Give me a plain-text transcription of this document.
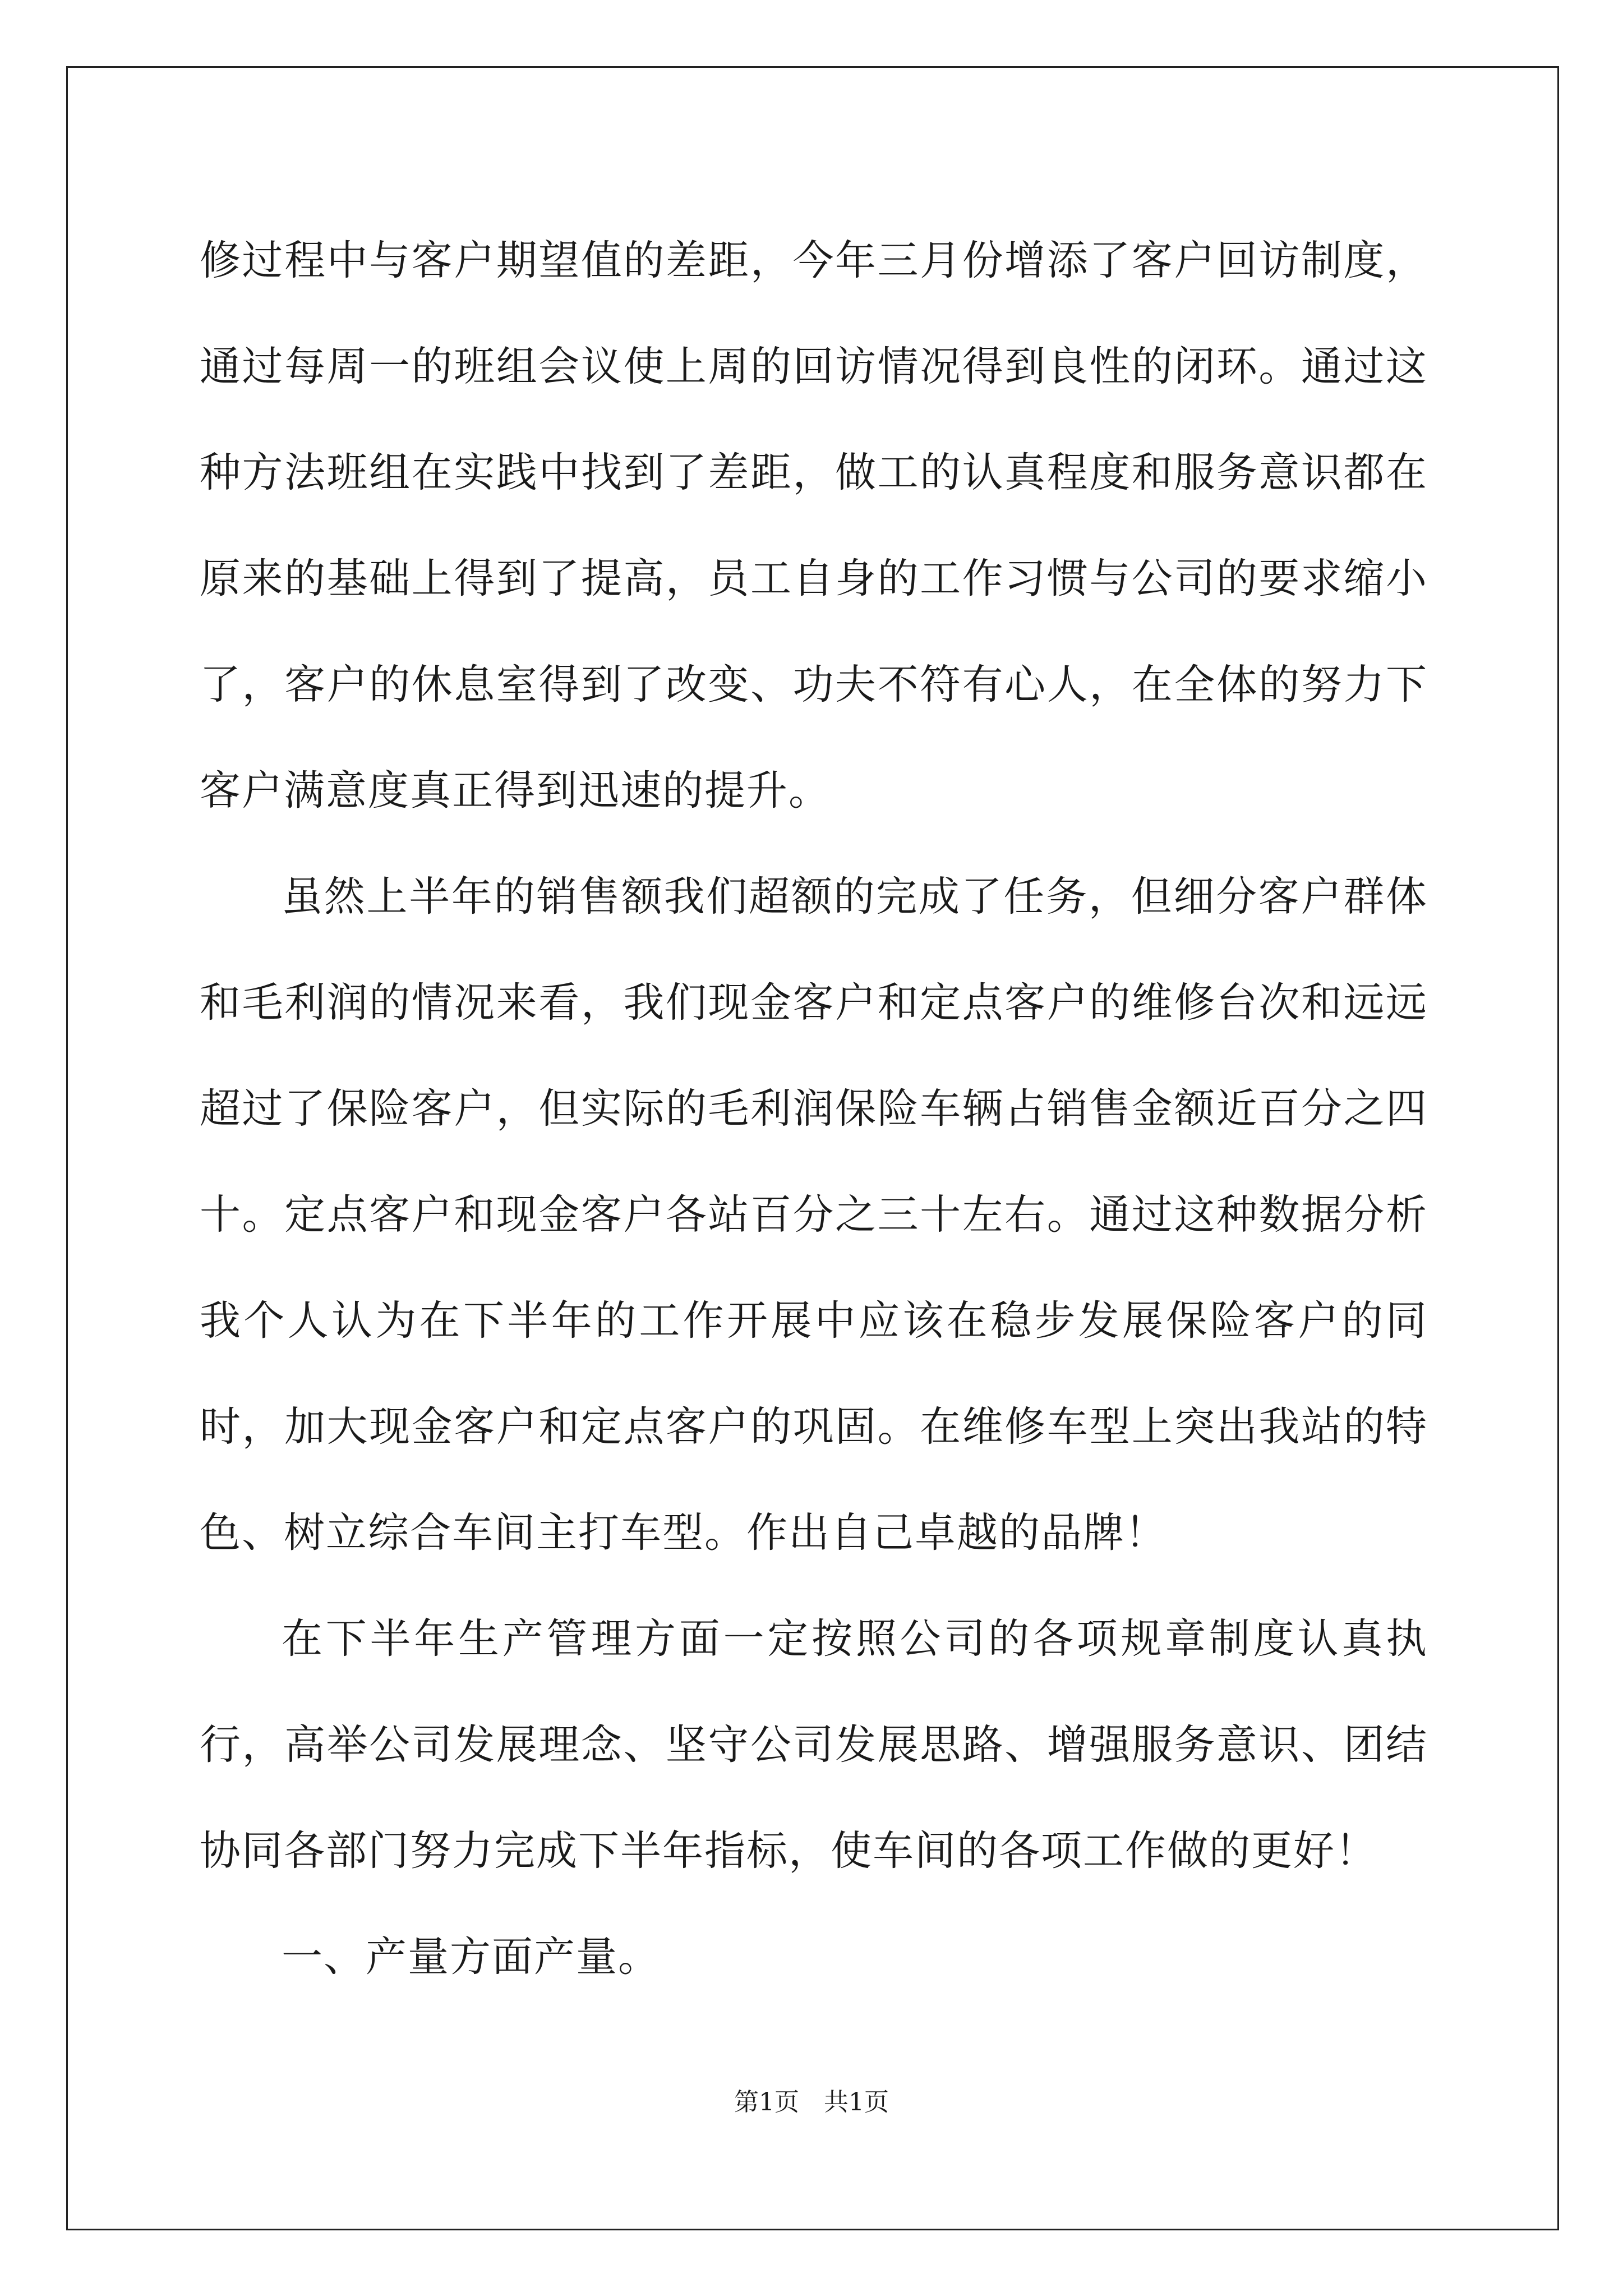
修过程中与客户期望值的差距，今年三月份增添了客户回访制度，通过每周一的班组会议使上周的回访情况得到良性的闭环。通过这种方法班组在实践中找到了差距，做工的认真程度和服务意识都在原来的基础上得到了提高，员工自身的工作习惯与公司的要求缩小了，客户的休息室得到了改变、功夫不符有心人，在全体的努力下客户满意度真正得到迅速的提升。

虽然上半年的销售额我们超额的完成了任务，但细分客户群体和毛利润的情况来看，我们现金客户和定点客户的维修台次和远远超过了保险客户，但实际的毛利润保险车辆占销售金额近百分之四十。定点客户和现金客户各站百分之三十左右。通过这种数据分析我个人认为在下半年的工作开展中应该在稳步发展保险客户的同时，加大现金客户和定点客户的巩固。在维修车型上突出我站的特色、树立综合车间主打车型。作出自己卓越的品牌！

在下半年生产管理方面一定按照公司的各项规章制度认真执行，高举公司发展理念、坚守公司发展思路、增强服务意识、团结协同各部门努力完成下半年指标，使车间的各项工作做的更好！

一、产量方面产量。

第1页 共1页
